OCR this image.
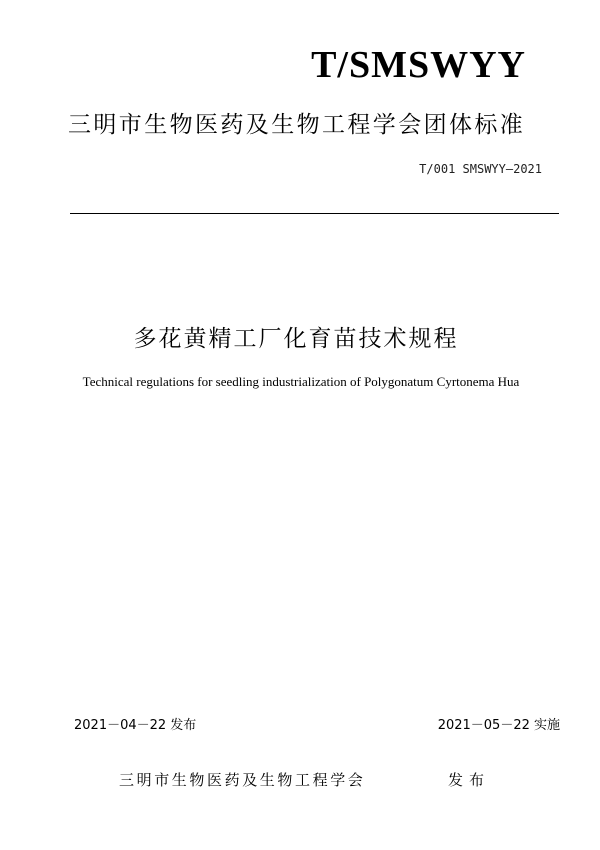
T/SMSWYY
三明市生物医药及生物工程学会团体标准
T/001 SMSWYY—2021
多花黄精工厂化育苗技术规程
Technical regulations for seedling industrialization of Polygonatum Cyrtonema Hua
2021－04－22 发布	2021－05－22 实施
三明市生物医药及生物工程学会	发布
